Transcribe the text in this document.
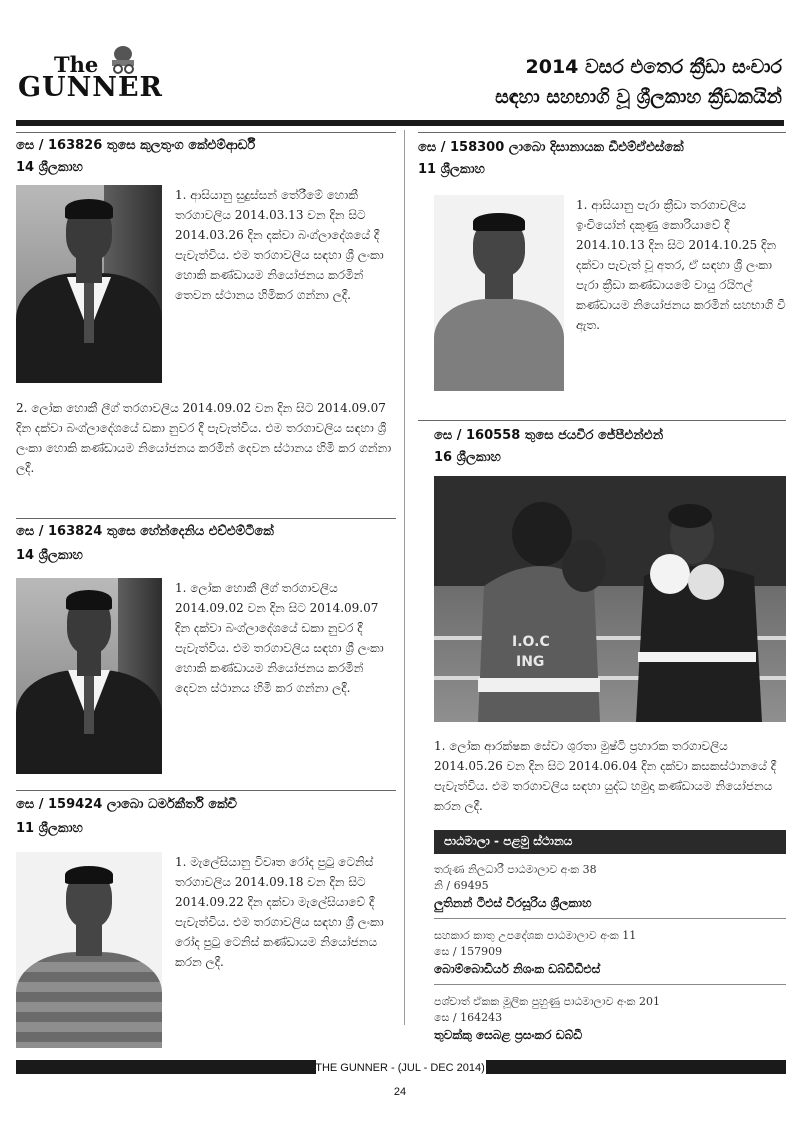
The
GUNNER
2014 වසර එතෙර ක්‍රීඩා සංචාර
සඳහා සහභාගි වූ ශ්‍රීලකාහ ක්‍රීඩකයින්
සෙ / 163826 තුසෙ කුලතුංග කේඑම්ආර්ඩී
14 ශ්‍රීලකාහ
1. ආසියානු සුදුස්සන් තේරීමේ හොකී තරගාවලිය 2014.03.13 වන දින සිට 2014.03.26 දින දක්වා බංග්ලාදේශයේ දී පැවැත්විය. එම තරගාවලිය සඳහා ශ්‍රී ලංකා හොකි කණ්ඩායම නියෝජනය කරමින් තෙවන ස්ථානය හිමිකර ගන්නා ලදී.
2. ලෝක හොකී ලීග් තරගාවලිය 2014.09.02 වන දින සිට 2014.09.07 දින දක්වා බංග්ලාදේශයේ ඩකා නුවර දී පැවැත්විය. එම තරගාවලිය සඳහා ශ්‍රී ලංකා හොකි කණ්ඩායම නියෝජනය කරමින් දෙවන ස්ථානය හිමි කර ගන්නා ලදී.
සෙ / 163824 තුසෙ හේන්දෙනිය එච්එම්ටීකේ
14 ශ්‍රීලකාහ
1. ලෝක හොකී ලීග් තරගාවලිය 2014.09.02 වන දින සිට 2014.09.07 දින දක්වා බංග්ලාදේශයේ ඩකා නුවර දී පැවැත්විය. එම තරගාවලිය සඳහා ශ්‍රී ලංකා හොකි කණ්ඩායම නියෝජනය කරමින් දෙවන ස්ථානය හිමි කර ගන්නා ලදී.
සෙ / 159424 ලාබො ධර්මකීර්ති කේචී
11 ශ්‍රීලකාහ
1. මැලේසියානු විවෘත රෝද පුටු ටෙනිස් තරගාවලිය 2014.09.18 වන දින සිට 2014.09.22 දින දක්වා මැලේසියාවේ දී පැවැත්විය. එම තරගාවලිය සඳහා ශ්‍රී ලංකා රෝද පුටු ටෙනිස් කණ්ඩායම නියෝජනය කරන ලදී.
සෙ / 158300 ලාබො දිසානායක ඩීඑම්ඒඑස්කේ
11 ශ්‍රීලකාහ
1. ආසියානු පැරා ක්‍රීඩා තරගාවලිය ඉංචියෝන් දකුණු කොරියාවේ දී 2014.10.13 දින සිට 2014.10.25 දින දක්වා පැවැත් වූ අතර, ඒ සඳහා ශ්‍රී ලංකා පැරා ක්‍රීඩා කණ්ඩායමේ වායු රයිෆල් කණ්ඩායම නියෝජනය කරමින් සහභාගි වී ඇත.
සෙ / 160558 තුසෙ ජයවීර ජේපීඑන්එන්
16 ශ්‍රීලකාහ
I.O.C
ING
1. ලෝක ආරක්ෂක සේවා ශුරතා මුෂ්ටි ප්‍රහාරක තරගාවලිය 2014.05.26 වන දින සිට 2014.06.04 දින දක්වා කසකස්ථානයේ දී පැවැත්විය. එම තරගාවලිය සඳහා යුද්ධ හමුදා කණ්ඩායම නියෝජනය කරන ලදී.
පාඨමාලා - පළමු ස්ථානය
තරුණ නිලධාරී පාඨමාලාව අංක 38
නි / 69495
ලුතිනන් ටීඑස් වීරසූරිය ශ්‍රීලකාහ
සහකාර කාතු උපදේශක පාඨමාලාව අංක 11
සෙ / 157909
බොම්බොඩියර් නිශංක ඩබ්ඩීඩීඑස්
පශ්චාත් ඒකක මූලික පුහුණු පාඨමාලාව අංක 201
සෙ / 164243
තුවක්කු සෙබළ ප්‍රසංකර ඩබ්ඩී
THE GUNNER - (JUL - DEC 2014)
24
